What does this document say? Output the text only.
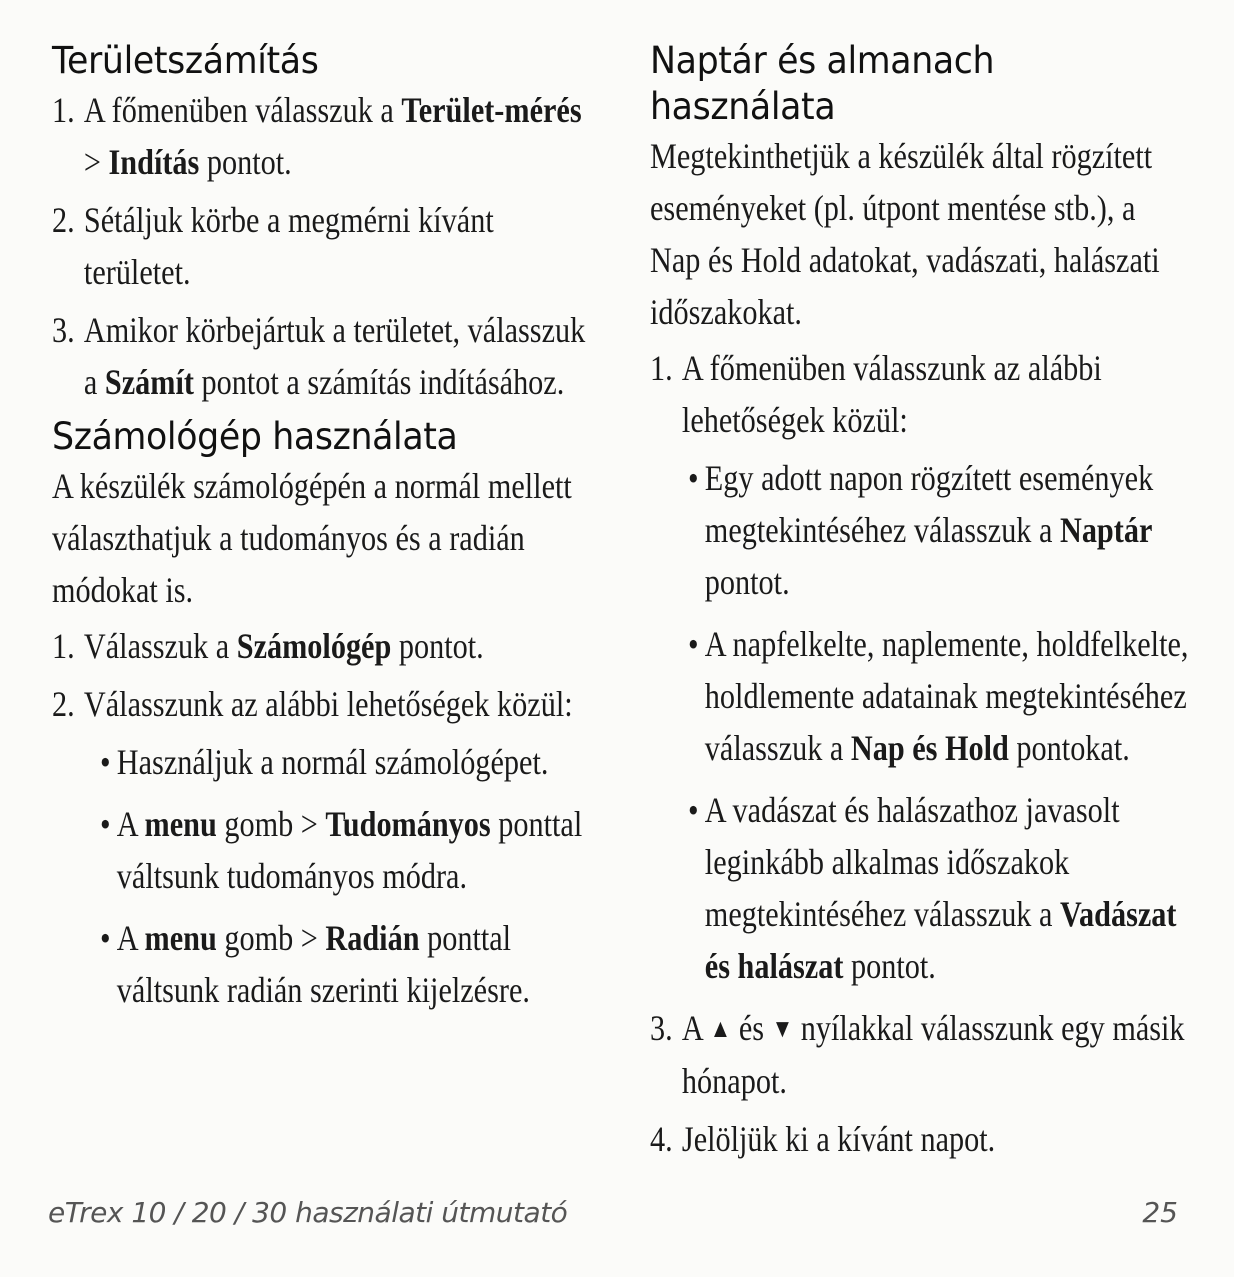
Területszámítás
1. A főmenüben válasszuk a Terület-mérés > Indítás pontot.
2. Sétáljuk körbe a megmérni kívánt területet.
3. Amikor körbejártuk a területet, válasszuk a Számít pontot a számítás indításához.
Számológép használata

A készülék számológépén a normál mellett választhatjuk a tudományos és a radián módokat is.

1. Válasszuk a Számológép pontot.
2. Válasszunk az alábbi lehetőségek közül:
• Használjuk a normál számológépet.
• A menu gomb > Tudományos ponttal váltsunk tudományos módra.
• A menu gomb > Radián ponttal váltsunk radián szerinti kijelzésre.
Naptár és almanach használata

Megtekinthetjük a készülék által rögzített eseményeket (pl. útpont mentése stb.), a Nap és Hold adatokat, vadászati, halászati időszakokat.

1. A főmenüben válasszunk az alábbi lehetőségek közül:
• Egy adott napon rögzített események megtekintéséhez válasszuk a Naptár pontot.
• A napfelkelte, naplemente, holdfelkelte, holdlemente adatainak megtekintéséhez válasszuk a Nap és Hold pontokat.
• A vadászat és halászathoz javasolt leginkább alkalmas időszakok megtekintéséhez válasszuk a Vadászat és halászat pontot.
3. A ▲ és ▼ nyílakkal válasszunk egy másik hónapot.
4. Jelöljük ki a kívánt napot.
eTrex 10 / 20 / 30 használati útmutató	25
